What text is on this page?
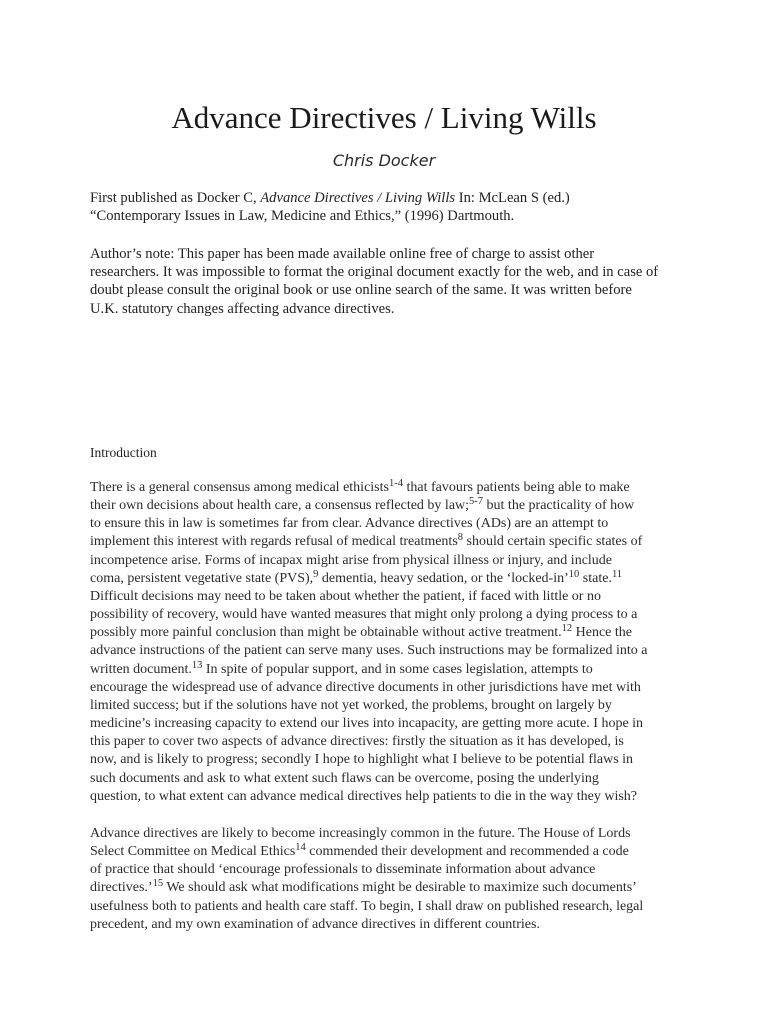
Advance Directives / Living Wills
Chris Docker

First published as Docker C, Advance Directives / Living Wills In: McLean S (ed.)
“Contemporary Issues in Law, Medicine and Ethics,” (1996) Dartmouth.

Author’s note: This paper has been made available online free of charge to assist other
researchers. It was impossible to format the original document exactly for the web, and in case of
doubt please consult the original book or use online search of the same. It was written before
U.K. statutory changes affecting advance directives.

Introduction

There is a general consensus among medical ethicists$^{1-4}$ that favours patients being able to make
their own decisions about health care, a consensus reflected by law;$^{5-7}$ but the practicality of how
to ensure this in law is sometimes far from clear. Advance directives (ADs) are an attempt to
implement this interest with regards refusal of medical treatments$^8$ should certain specific states of
incompetence arise. Forms of incapax might arise from physical illness or injury, and include
coma, persistent vegetative state (PVS),$^9$ dementia, heavy sedation, or the ‘locked-in’$^{10}$ state.$^{11}$
Difficult decisions may need to be taken about whether the patient, if faced with little or no
possibility of recovery, would have wanted measures that might only prolong a dying process to a
possibly more painful conclusion than might be obtainable without active treatment.$^{12}$ Hence the
advance instructions of the patient can serve many uses. Such instructions may be formalized into a
written document.$^{13}$ In spite of popular support, and in some cases legislation, attempts to
encourage the widespread use of advance directive documents in other jurisdictions have met with
limited success; but if the solutions have not yet worked, the problems, brought on largely by
medicine’s increasing capacity to extend our lives into incapacity, are getting more acute. I hope in
this paper to cover two aspects of advance directives: firstly the situation as it has developed, is
now, and is likely to progress; secondly I hope to highlight what I believe to be potential flaws in
such documents and ask to what extent such flaws can be overcome, posing the underlying
question, to what extent can advance medical directives help patients to die in the way they wish?

Advance directives are likely to become increasingly common in the future. The House of Lords
Select Committee on Medical Ethics$^{14}$ commended their development and recommended a code
of practice that should ‘encourage professionals to disseminate information about advance
directives.’$^{15}$ We should ask what modifications might be desirable to maximize such documents’
usefulness both to patients and health care staff. To begin, I shall draw on published research, legal
precedent, and my own examination of advance directives in different countries.
